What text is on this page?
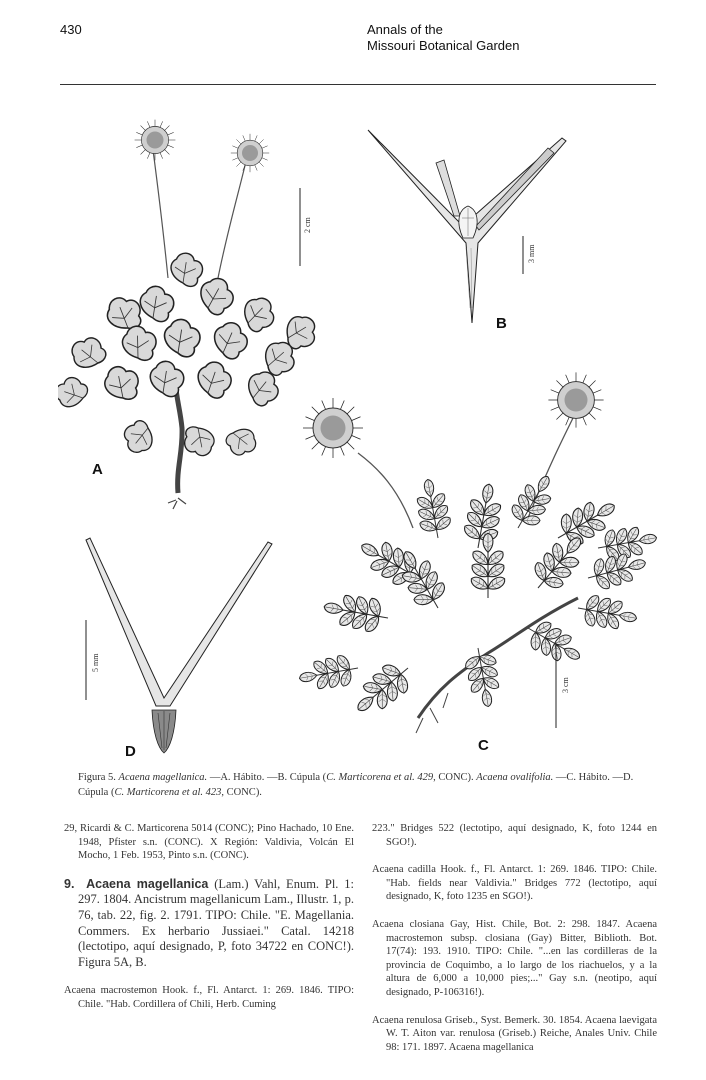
430	Annals of the
Missouri Botanical Garden
2 cm
A
3 mm
B
3 cm
C
5 mm
D
Figura 5. Acaena magellanica. —A. Hábito. —B. Cúpula (C. Marticorena et al. 429, CONC). Acaena ovalifolia. —C. Hábito. —D. Cúpula (C. Marticorena et al. 423, CONC).

29, Ricardi & C. Marticorena 5014 (CONC); Pino Hachado, 10 Ene. 1948, Pfister s.n. (CONC). X Región: Valdivia, Volcán El Mocho, 1 Feb. 1953, Pinto s.n. (CONC).

9. Acaena magellanica (Lam.) Vahl, Enum. Pl. 1: 297. 1804. Ancistrum magellanicum Lam., Illustr. 1, p. 76, tab. 22, fig. 2. 1791. TIPO: Chile. "E. Magellania. Commers. Ex herbario Jussiaei." Catal. 14218 (lectotipo, aquí designado, P, foto 34722 en CONC!). Figura 5A, B.

Acaena macrostemon Hook. f., Fl. Antarct. 1: 269. 1846. TIPO: Chile. "Hab. Cordillera of Chili, Herb. Cuming

223." Bridges 522 (lectotipo, aquí designado, K, foto 1244 en SGO!).

Acaena cadilla Hook. f., Fl. Antarct. 1: 269. 1846. TIPO: Chile. "Hab. fields near Valdivia." Bridges 772 (lectotipo, aquí designado, K, foto 1235 en SGO!).

Acaena closiana Gay, Hist. Chile, Bot. 2: 298. 1847. Acaena macrostemon subsp. closiana (Gay) Bitter, Biblioth. Bot. 17(74): 193. 1910. TIPO: Chile. "...en las cordilleras de la provincia de Coquimbo, a lo largo de los riachuelos, y a la altura de 6,000 a 10,000 pies;..." Gay s.n. (neotipo, aquí designado, P-106316!).

Acaena renulosa Griseb., Syst. Bemerk. 30. 1854. Acaena laevigata W. T. Aiton var. renulosa (Griseb.) Reiche, Anales Univ. Chile 98: 171. 1897. Acaena magellanica
